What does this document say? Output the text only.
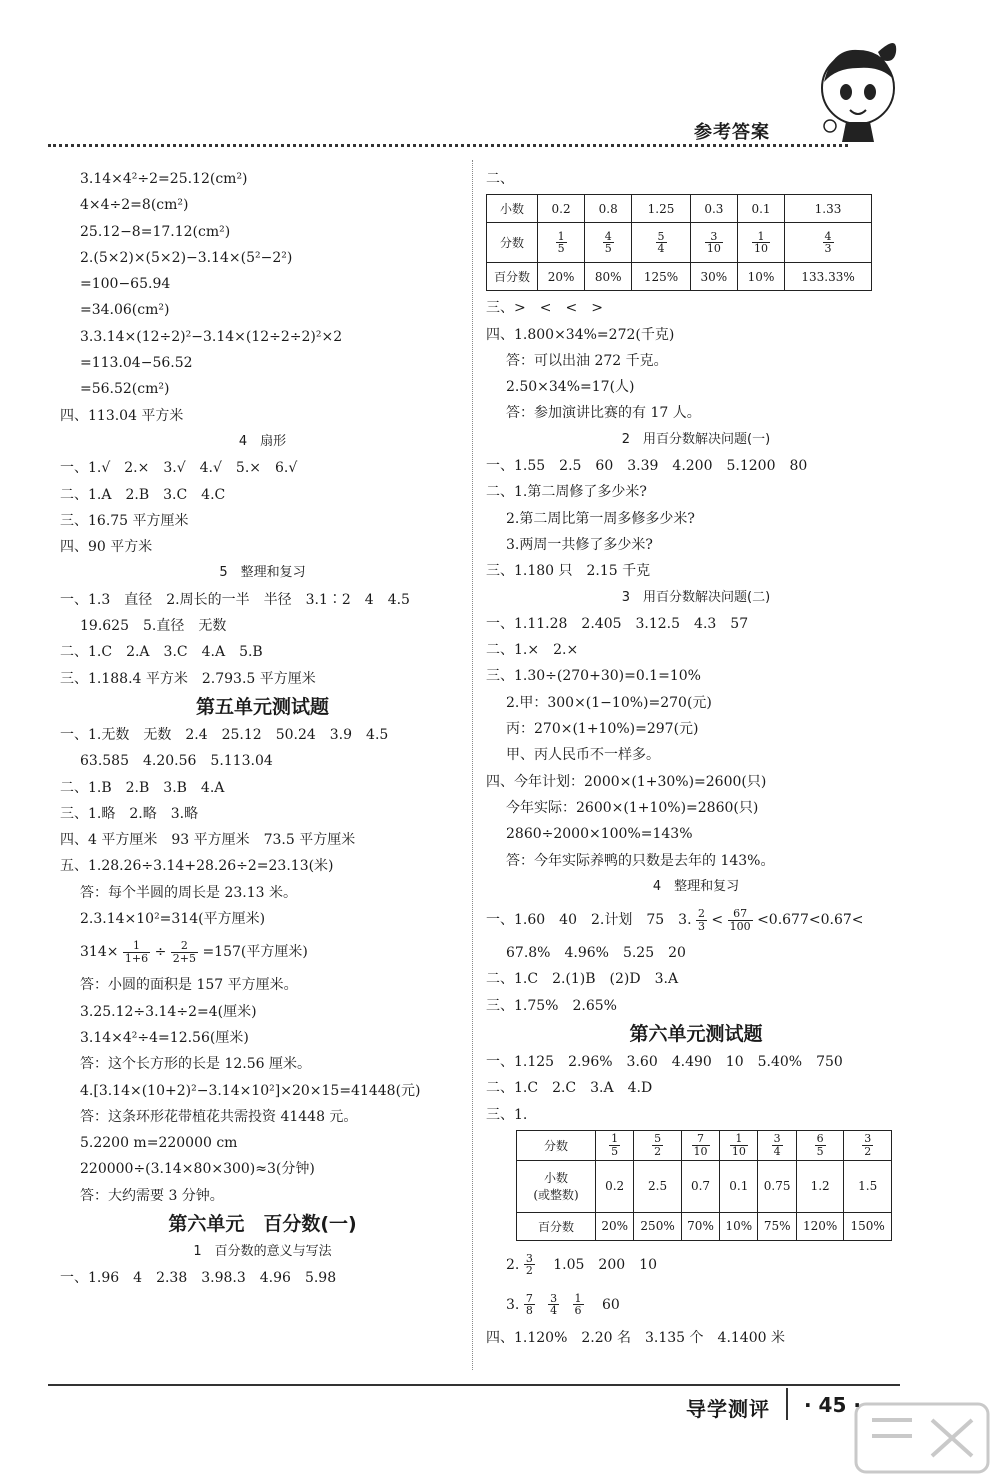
参考答案
3.14×4²÷2=25.12(cm²)
4×4÷2=8(cm²)
25.12−8=17.12(cm²)
2.(5×2)×(5×2)−3.14×(5²−2²)
=100−65.94
=34.06(cm²)
3.3.14×(12÷2)²−3.14×(12÷2÷2)²×2
=113.04−56.52
=56.52(cm²)
四、113.04 平方米
4　扇形
一、1.√　2.×　3.√　4.√　5.×　6.√
二、1.A　2.B　3.C　4.C
三、16.75 平方厘米
四、90 平方米
5　整理和复习
一、1.3　直径　2.周长的一半　半径　3.1∶2　4　4.5
19.625　5.直径　无数
二、1.C　2.A　3.C　4.A　5.B
三、1.188.4 平方米　2.793.5 平方厘米
第五单元测试题
一、1.无数　无数　2.4　25.12　50.24　3.9　4.5
63.585　4.20.56　5.113.04
二、1.B　2.B　3.B　4.A
三、1.略　2.略　3.略
四、4 平方厘米　93 平方厘米　73.5 平方厘米
五、1.28.26÷3.14+28.26÷2=23.13(米)
答：每个半圆的周长是 23.13 米。
2.3.14×10²=314(平方厘米)
$314\times \frac{1}{1+6} \div \frac{2}{2+5} =157$(平方厘米)
答：小圆的面积是 157 平方厘米。
3.25.12÷3.14÷2=4(厘米)
3.14×4²÷4=12.56(厘米)
答：这个长方形的长是 12.56 厘米。
4.[3.14×(10+2)²−3.14×10²]×20×15=41448(元)
答：这条环形花带植花共需投资 41448 元。
5.2200 m=220000 cm
220000÷(3.14×80×300)≈3(分钟)
答：大约需要 3 分钟。
第六单元　百分数(一)
1　百分数的意义与写法
一、1.96　4　2.38　3.98.3　4.96　5.98
二、
小数	0.2	0.8	1.25	0.3	0.1	1.33
分数	$\frac{1}{5}$	$\frac{4}{5}$	$\frac{5}{4}$	$\frac{3}{10}$	$\frac{1}{10}$	$\frac{4}{3}$

百分数	20%	80%	125%	30%	10%	133.33%
三、>　<　<　>
四、1.800×34%=272(千克)
答：可以出油 272 千克。
2.50×34%=17(人)
答：参加演讲比赛的有 17 人。
2　用百分数解决问题(一)
一、1.55　2.5　60　3.39　4.200　5.1200　80
二、1.第二周修了多少米?
2.第二周比第一周多修多少米?
3.两周一共修了多少米?
三、1.180 只　2.15 千克
3　用百分数解决问题(二)
一、1.11.28　2.405　3.12.5　4.3　57
二、1.×　2.×
三、1.30÷(270+30)=0.1=10%
2.甲：300×(1−10%)=270(元)
丙：270×(1+10%)=297(元)
甲、丙人民币不一样多。
四、今年计划：2000×(1+30%)=2600(只)
今年实际：2600×(1+10%)=2860(只)
2860÷2000×100%=143%
答：今年实际养鸭的只数是去年的 143%。
4　整理和复习
一、1.60　40　2.计划　75　3. $\frac{2}{3} < \frac{67}{100}$ <0.677<0.67̇<
67.8%　4.96%　5.25　20
二、1.C　2.(1)B　(2)D　3.A
三、1.75%　2.65%
第六单元测试题
一、1.125　2.96%　3.60　4.490　10　5.40%　750
二、1.C　2.C　3.A　4.D
三、1.
分数	$\frac{1}{5}$	$\frac{5}{2}$	$\frac{7}{10}$	$\frac{1}{10}$	$\frac{3}{4}$	$\frac{6}{5}$	$\frac{3}{2}$

小数
(或整数)	0.2	2.5	0.7	0.1	0.75	1.2	1.5
百分数	20%	250%	70%	10%	75%	120%	150%
2. $\frac{3}{2}$ 　1.05　200　10
3. $\frac{7}{8}$
$\frac{3}{4}$
$\frac{1}{6}$ 　60
四、1.120%　2.20 名　3.135 个　4.1400 米
导学测评 · 45 ·
